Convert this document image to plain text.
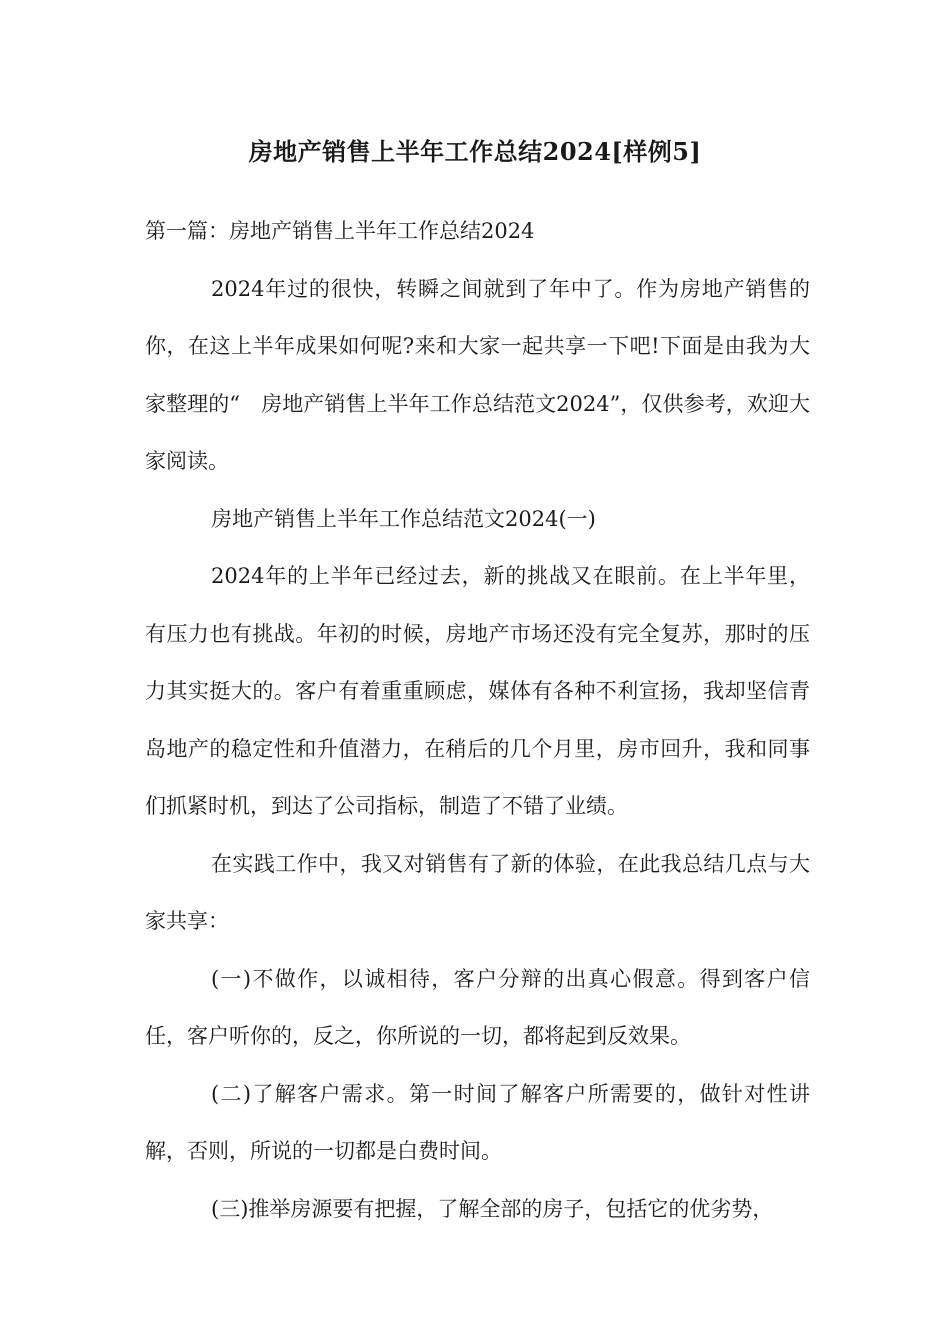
房地产销售上半年工作总结2024[样例5]

第一篇：房地产销售上半年工作总结2024

2024年过的很快，转瞬之间就到了年中了。作为房地产销售的你，在这上半年成果如何呢?来和大家一起共享一下吧!下面是由我为大家整理的“　房地产销售上半年工作总结范文2024”，仅供参考，欢迎大家阅读。

房地产销售上半年工作总结范文2024(一)

2024年的上半年已经过去，新的挑战又在眼前。在上半年里，有压力也有挑战。年初的时候，房地产市场还没有完全复苏，那时的压力其实挺大的。客户有着重重顾虑，媒体有各种不利宣扬，我却坚信青岛地产的稳定性和升值潜力，在稍后的几个月里，房市回升，我和同事们抓紧时机，到达了公司指标，制造了不错了业绩。

在实践工作中，我又对销售有了新的体验，在此我总结几点与大家共享：

(一)不做作，以诚相待，客户分辩的出真心假意。得到客户信任，客户听你的，反之，你所说的一切，都将起到反效果。

(二)了解客户需求。第一时间了解客户所需要的，做针对性讲解，否则，所说的一切都是白费时间。

(三)推举房源要有把握，了解全部的房子，包括它的优劣势，
